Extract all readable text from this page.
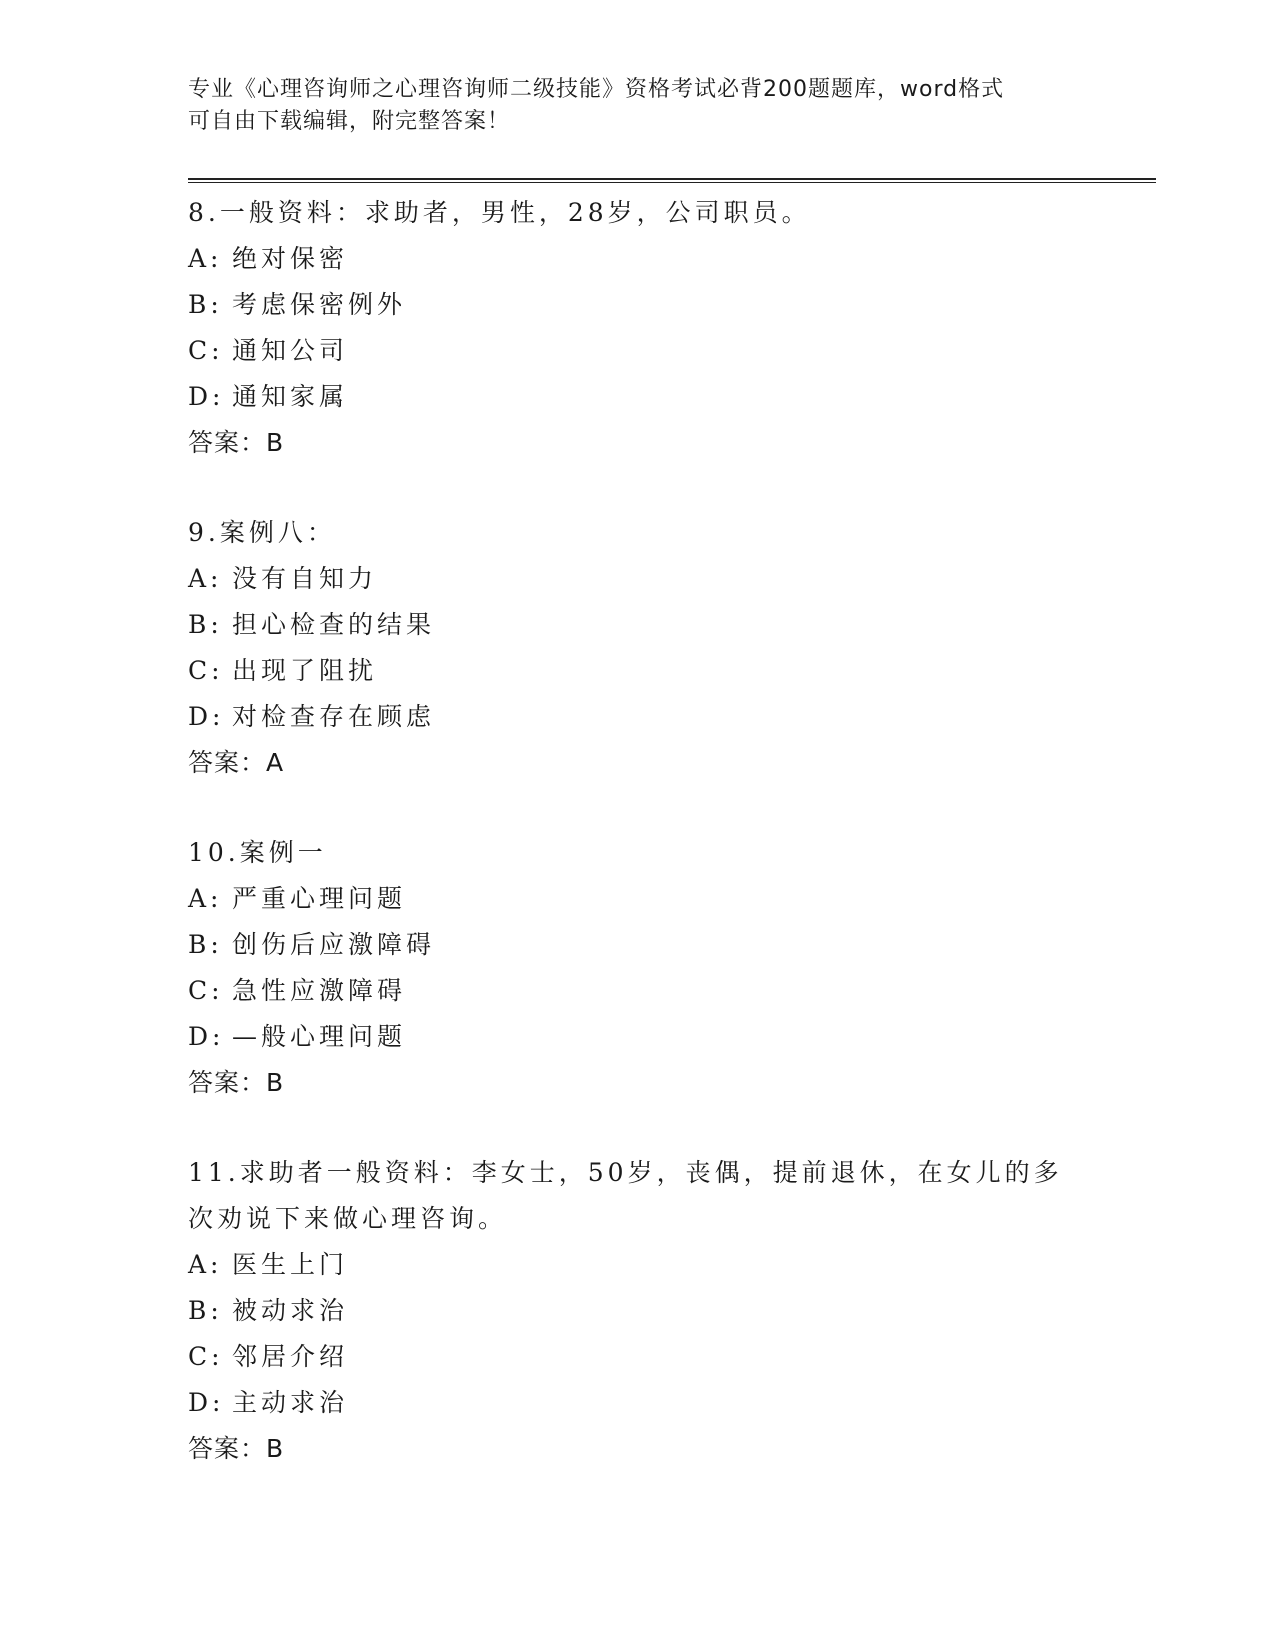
专业《心理咨询师之心理咨询师二级技能》资格考试必背200题题库，word格式
可自由下载编辑，附完整答案！
8.一般资料：求助者，男性，28岁，公司职员。
A: 绝对保密
B: 考虑保密例外
C: 通知公司
D: 通知家属
答案：B
9.案例八：
A: 没有自知力
B: 担心检查的结果
C: 出现了阻扰
D: 对检查存在顾虑
答案：A
10.案例一
A: 严重心理问题
B: 创伤后应激障碍
C: 急性应激障碍
D: —般心理问题
答案：B
11.求助者一般资料：李女士，50岁，丧偶，提前退休，在女儿的多次劝说下来做心理咨询。
A: 医生上门
B: 被动求治
C: 邻居介绍
D: 主动求治
答案：B
